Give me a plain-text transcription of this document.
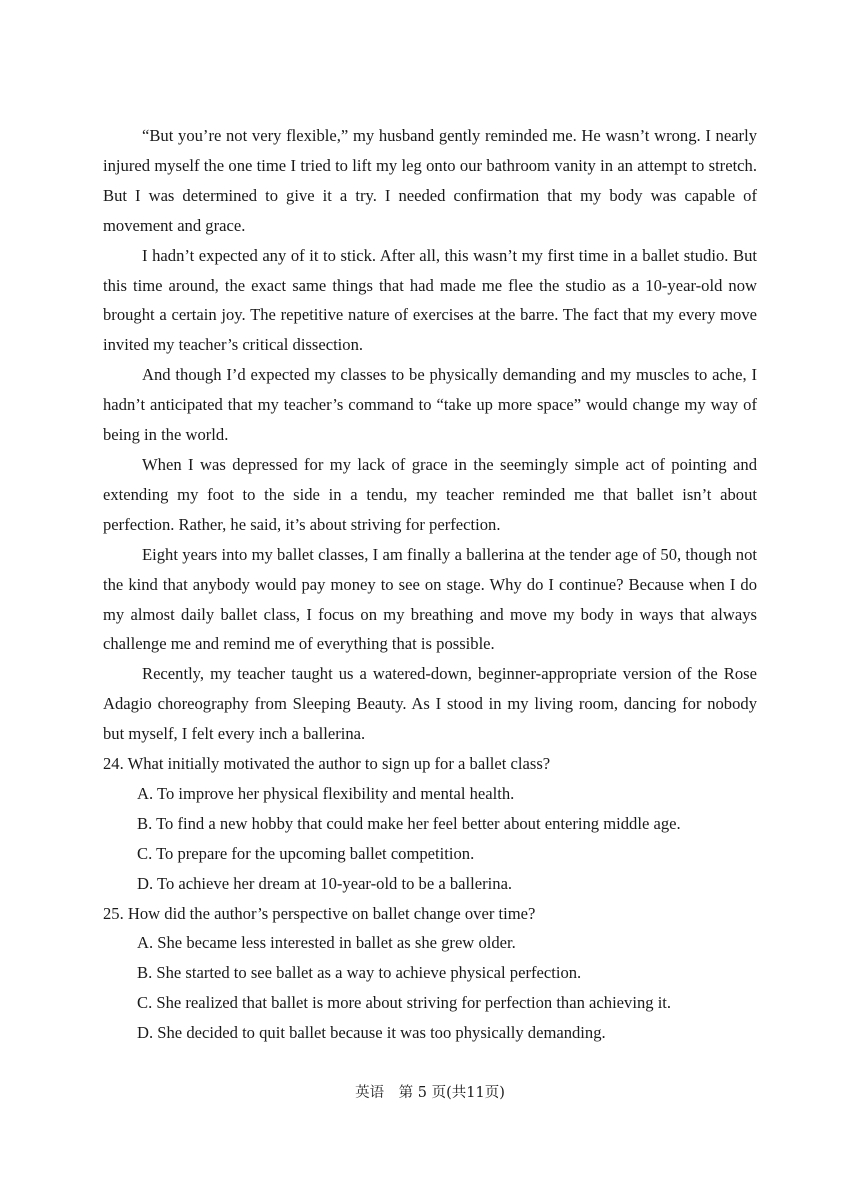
“But you’re not very flexible,” my husband gently reminded me. He wasn’t wrong. I nearly injured myself the one time I tried to lift my leg onto our bathroom vanity in an attempt to stretch. But I was determined to give it a try. I needed confirmation that my body was capable of movement and grace.

I hadn’t expected any of it to stick. After all, this wasn’t my first time in a ballet studio. But this time around, the exact same things that had made me flee the studio as a 10-year-old now brought a certain joy. The repetitive nature of exercises at the barre. The fact that my every move invited my teacher’s critical dissection.

And though I’d expected my classes to be physically demanding and my muscles to ache, I hadn’t anticipated that my teacher’s command to “take up more space” would change my way of being in the world.

When I was depressed for my lack of grace in the seemingly simple act of pointing and extending my foot to the side in a tendu, my teacher reminded me that ballet isn’t about perfection. Rather, he said, it’s about striving for perfection.

Eight years into my ballet classes, I am finally a ballerina at the tender age of 50, though not the kind that anybody would pay money to see on stage. Why do I continue? Because when I do my almost daily ballet class, I focus on my breathing and move my body in ways that always challenge me and remind me of everything that is possible.

Recently, my teacher taught us a watered-down, beginner-appropriate version of the Rose Adagio choreography from Sleeping Beauty. As I stood in my living room, dancing for nobody but myself, I felt every inch a ballerina.

24. What initially motivated the author to sign up for a ballet class?

A. To improve her physical flexibility and mental health.

B. To find a new hobby that could make her feel better about entering middle age.

C. To prepare for the upcoming ballet competition.

D. To achieve her dream at 10-year-old to be a ballerina.

25. How did the author’s perspective on ballet change over time?

A. She became less interested in ballet as she grew older.

B. She started to see ballet as a way to achieve physical perfection.

C. She realized that ballet is more about striving for perfection than achieving it.

D. She decided to quit ballet because it was too physically demanding.

英语　第 5 页(共11页)
